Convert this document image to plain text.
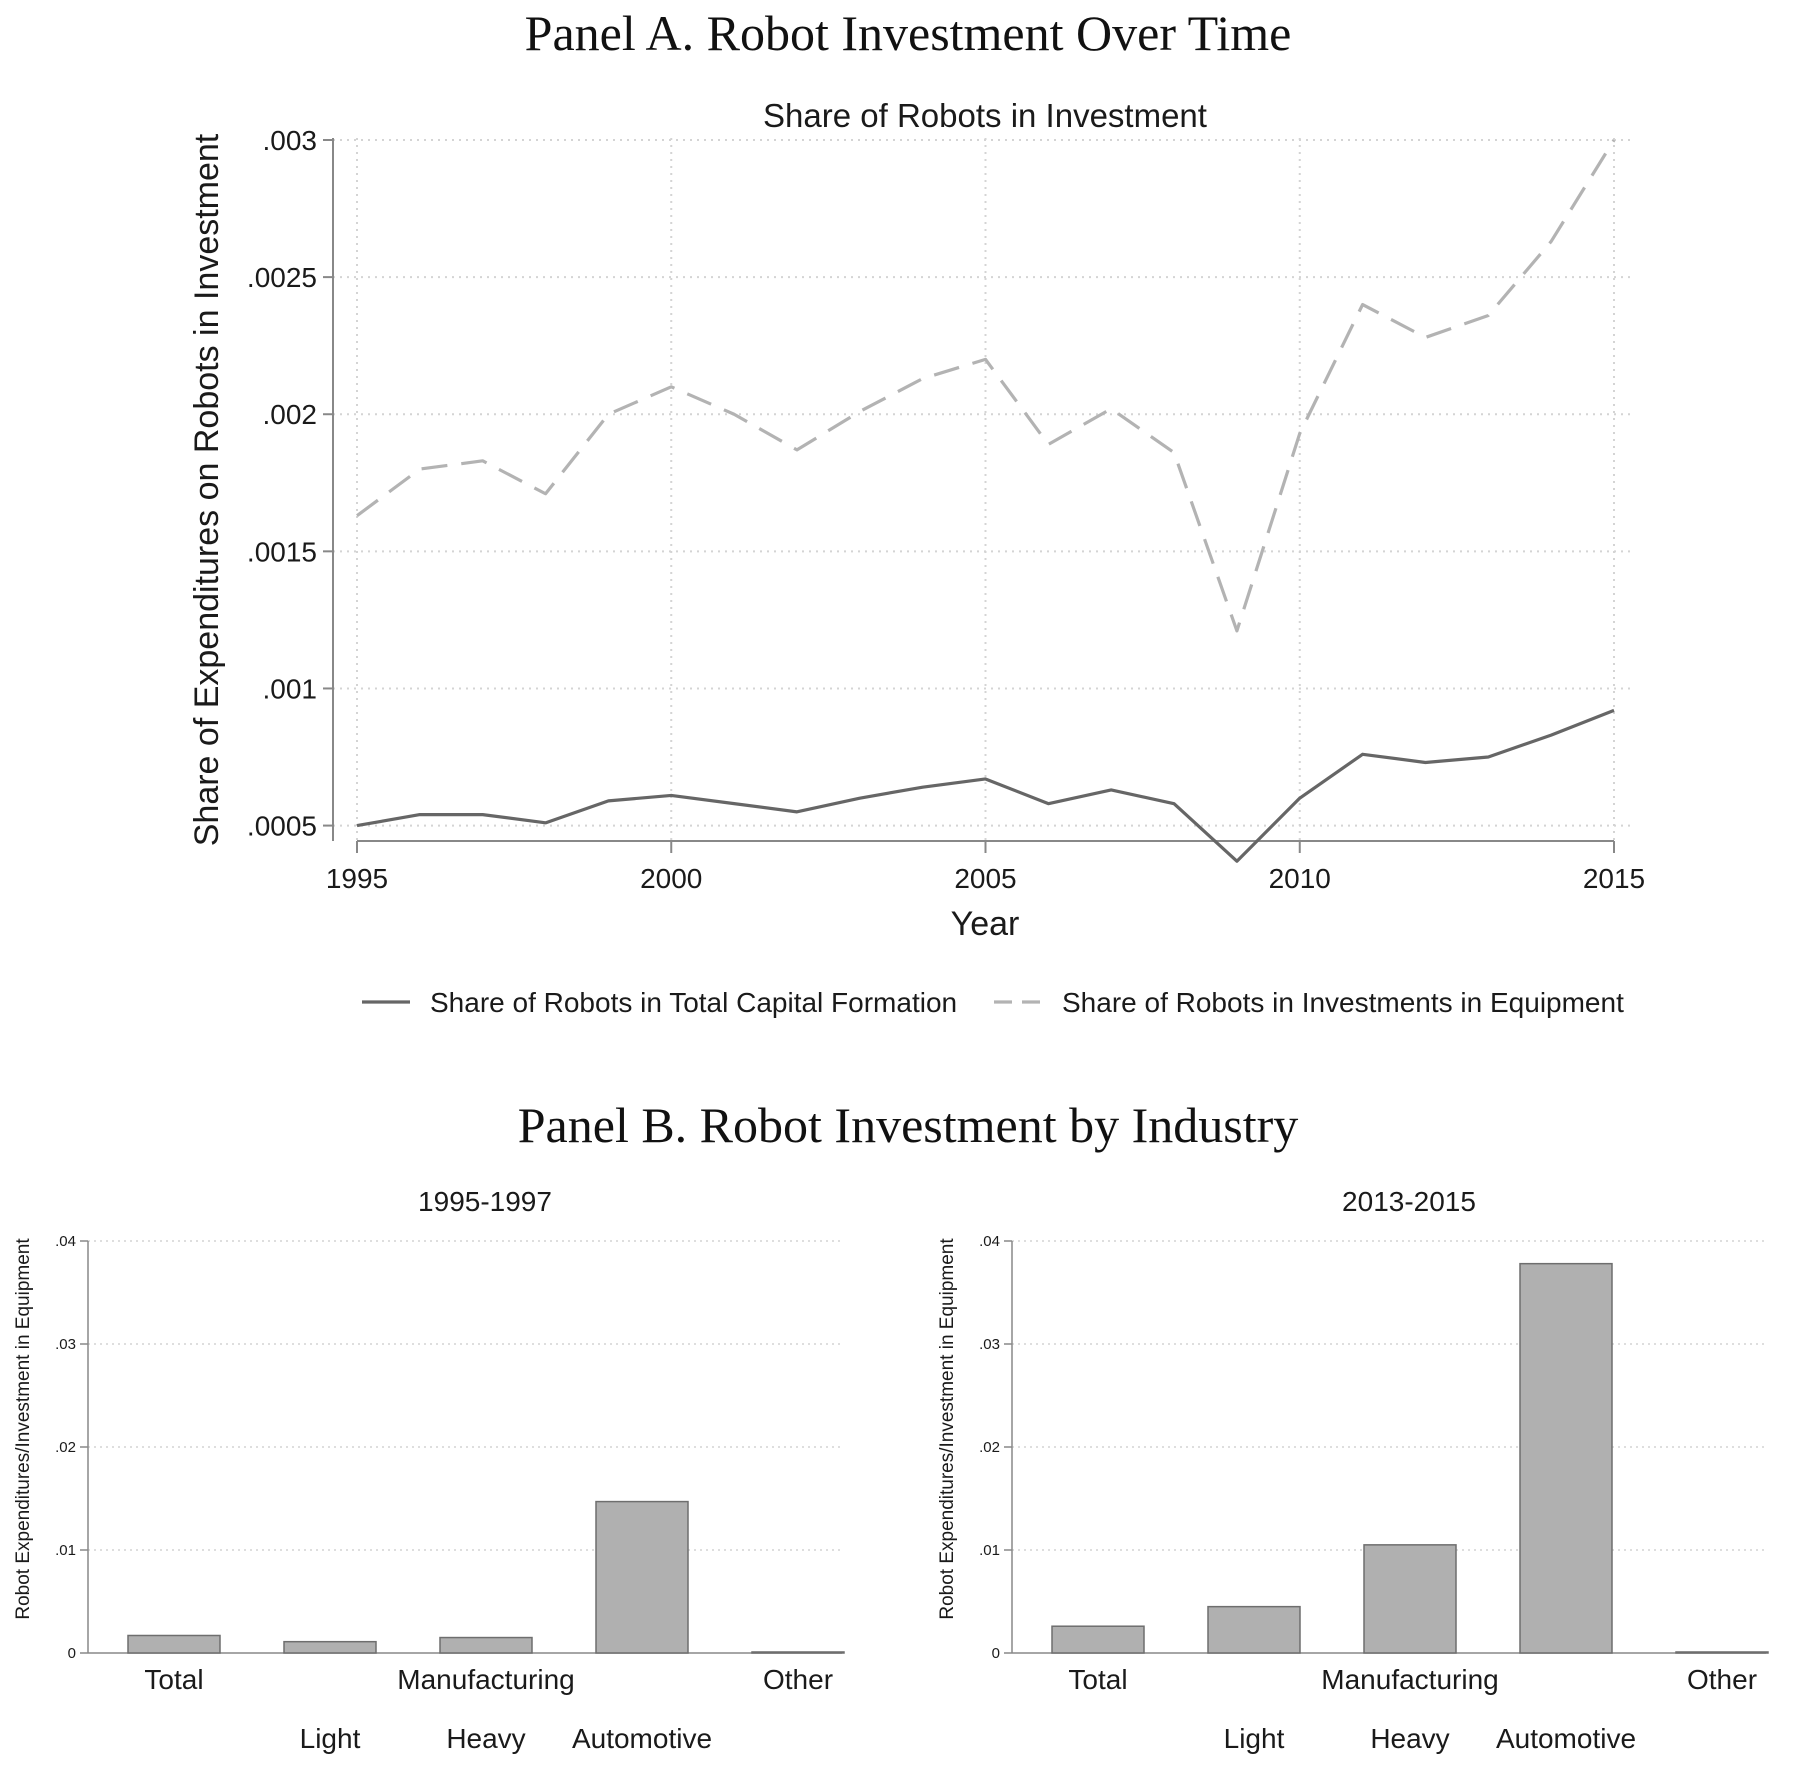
Panel A. Robot Investment Over Time
.0005
.001
.0015
.002
.0025
.003
1995	2000	2005	2010	2015
Share of Robots in Investment
Year
Share of Expenditures on Robots in Investment
Share of Robots in Total Capital Formation	Share of Robots in Investments in Equipment
Panel B. Robot Investment by Industry
0
.01
.02
.03
.04
Total
Light	Heavy Automotive
Other
Manufacturing
1995-1997
Robot Expenditures/Investment in Equipment
0
.01
.02
.03
.04
Total
Light	Heavy Automotive
Other
Manufacturing
2013-2015
Robot Expenditures/Investment in Equipment
